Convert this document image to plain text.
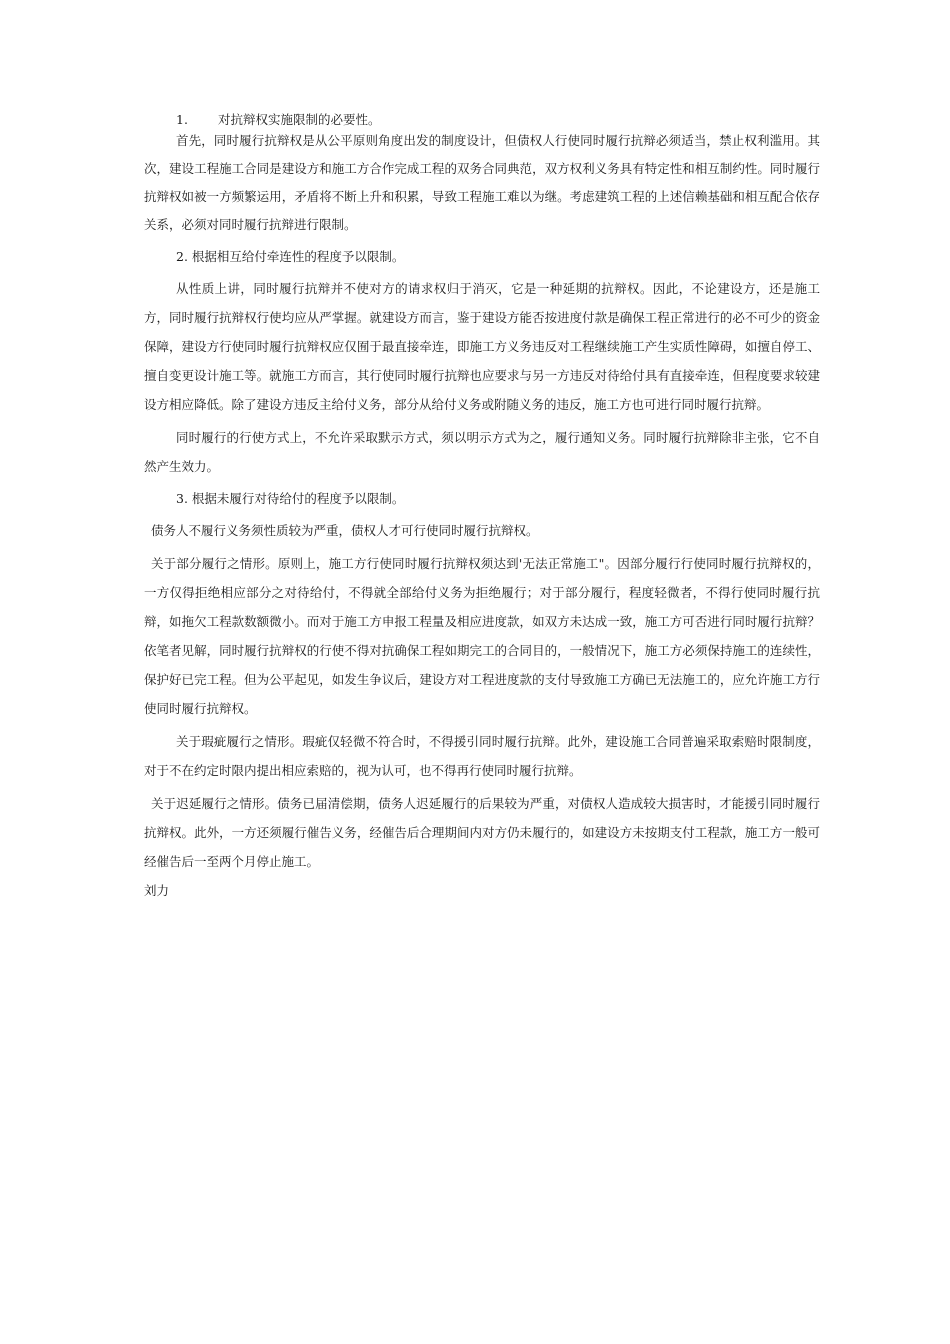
1. 对抗辩权实施限制的必要性。

首先，同时履行抗辩权是从公平原则角度出发的制度设计，但债权人行使同时履行抗辩必须适当，禁止权利滥用。其次，建设工程施工合同是建设方和施工方合作完成工程的双务合同典范，双方权利义务具有特定性和相互制约性。同时履行抗辩权如被一方频繁运用，矛盾将不断上升和积累，导致工程施工难以为继。考虑建筑工程的上述信赖基础和相互配合依存关系，必须对同时履行抗辩进行限制。

2. 根据相互给付牵连性的程度予以限制。

从性质上讲，同时履行抗辩并不使对方的请求权归于消灭，它是一种延期的抗辩权。因此，不论建设方，还是施工方，同时履行抗辩权行使均应从严掌握。就建设方而言，鉴于建设方能否按进度付款是确保工程正常进行的必不可少的资金保障，建设方行使同时履行抗辩权应仅囿于最直接牵连，即施工方义务违反对工程继续施工产生实质性障碍，如擅自停工、擅自变更设计施工等。就施工方而言，其行使同时履行抗辩也应要求与另一方违反对待给付具有直接牵连，但程度要求较建设方相应降低。除了建设方违反主给付义务，部分从给付义务或附随义务的违反，施工方也可进行同时履行抗辩。

同时履行的行使方式上，不允许采取默示方式，须以明示方式为之，履行通知义务。同时履行抗辩除非主张，它不自然产生效力。

3. 根据未履行对待给付的程度予以限制。

债务人不履行义务须性质较为严重，债权人才可行使同时履行抗辩权。

关于部分履行之情形。原则上，施工方行使同时履行抗辩权须达到'无法正常施工"。因部分履行行使同时履行抗辩权的，一方仅得拒绝相应部分之对待给付，不得就全部给付义务为拒绝履行；对于部分履行，程度轻微者，不得行使同时履行抗辩，如拖欠工程款数额微小。而对于施工方申报工程量及相应进度款，如双方未达成一致，施工方可否进行同时履行抗辩？依笔者见解，同时履行抗辩权的行使不得对抗确保工程如期完工的合同目的，一般情况下，施工方必须保持施工的连续性，保护好已完工程。但为公平起见，如发生争议后，建设方对工程进度款的支付导致施工方确已无法施工的，应允许施工方行使同时履行抗辩权。

关于瑕疵履行之情形。瑕疵仅轻微不符合时，不得援引同时履行抗辩。此外，建设施工合同普遍采取索赔时限制度，对于不在约定时限内提出相应索赔的，视为认可，也不得再行使同时履行抗辩。

关于迟延履行之情形。债务已届清偿期，债务人迟延履行的后果较为严重，对债权人造成较大损害时，才能援引同时履行抗辩权。此外，一方还须履行催告义务，经催告后合理期间内对方仍未履行的，如建设方未按期支付工程款，施工方一般可经催告后一至两个月停止施工。

刘力
